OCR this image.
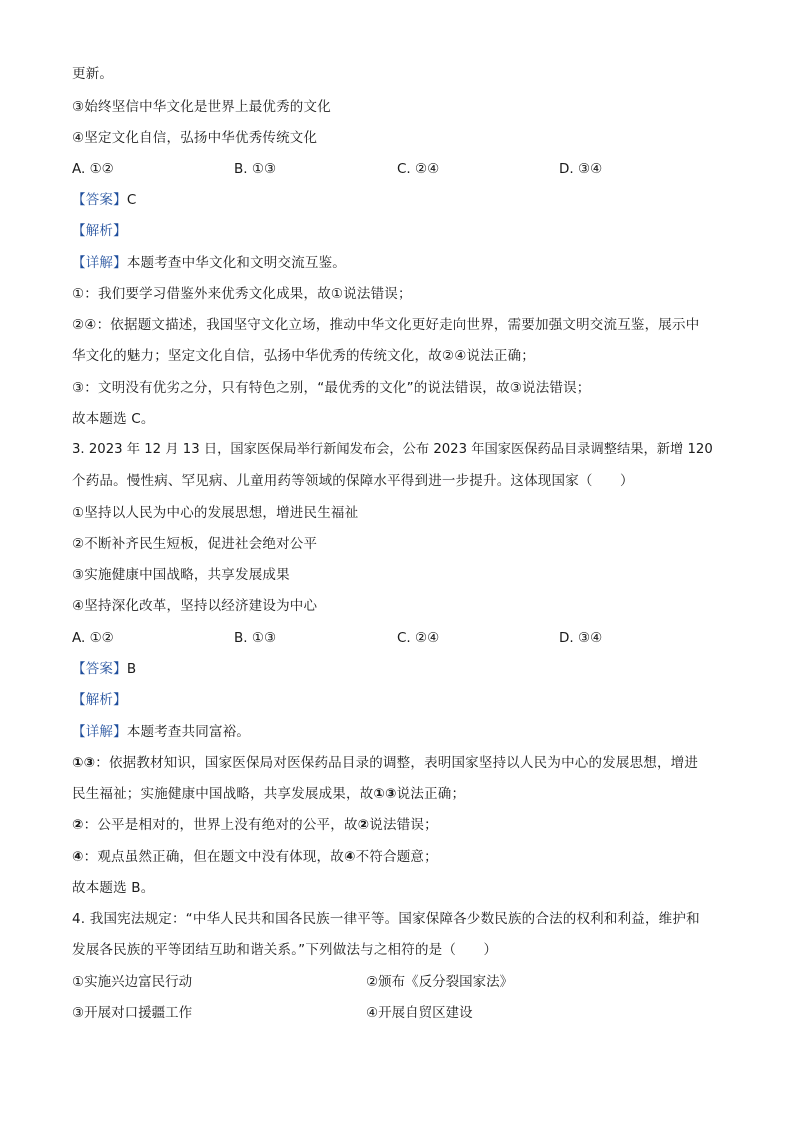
更新。
③始终坚信中华文化是世界上最优秀的文化
④坚定文化自信，弘扬中华优秀传统文化
A. ①②	B. ①③	C. ②④	D. ③④
【答案】C
【解析】
【详解】本题考查中华文化和文明交流互鉴。
①：我们要学习借鉴外来优秀文化成果，故①说法错误；
②④：依据题文描述，我国坚守文化立场，推动中华文化更好走向世界，需要加强文明交流互鉴，展示中
华文化的魅力；坚定文化自信，弘扬中华优秀的传统文化，故②④说法正确；
③：文明没有优劣之分，只有特色之别，“最优秀的文化”的说法错误，故③说法错误；
故本题选 C。
3. 2023 年 12 月 13 日，国家医保局举行新闻发布会，公布 2023 年国家医保药品目录调整结果，新增 120
个药品。慢性病、罕见病、儿童用药等领域的保障水平得到进一步提升。这体现国家（　　）
①坚持以人民为中心的发展思想，增进民生福祉
②不断补齐民生短板，促进社会绝对公平
③实施健康中国战略，共享发展成果
④坚持深化改革，坚持以经济建设为中心
A. ①②	B. ①③	C. ②④	D. ③④
【答案】B
【解析】
【详解】本题考查共同富裕。
①③：依据教材知识，国家医保局对医保药品目录的调整，表明国家坚持以人民为中心的发展思想，增进
民生福祉；实施健康中国战略，共享发展成果，故①③说法正确；
②：公平是相对的，世界上没有绝对的公平，故②说法错误；
④：观点虽然正确，但在题文中没有体现，故④不符合题意；
故本题选 B。
4. 我国宪法规定：“中华人民共和国各民族一律平等。国家保障各少数民族的合法的权利和利益，维护和
发展各民族的平等团结互助和谐关系。”下列做法与之相符的是（　　）
①实施兴边富民行动	②颁布《反分裂国家法》
③开展对口援疆工作	④开展自贸区建设
